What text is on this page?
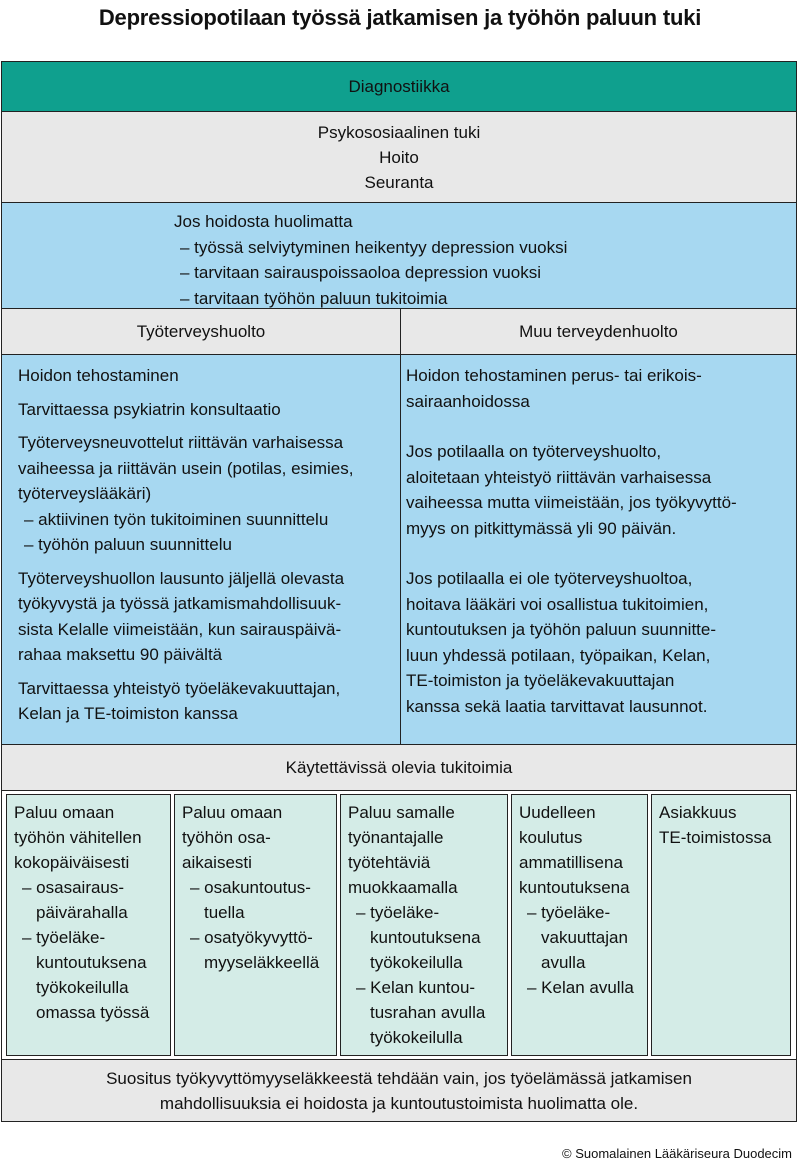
Depressiopotilaan työssä jatkamisen ja työhön paluun tuki
Diagnostiikka
Psykososiaalinen tuki
Hoito
Seuranta
Jos hoidosta huolimatta
– työssä selviytyminen heikentyy depression vuoksi
– tarvitaan sairauspoissaoloa depression vuoksi
– tarvitaan työhön paluun tukitoimia
Työterveyshuolto	Muu terveydenhuolto

Hoidon tehostaminen

Tarvittaessa psykiatrin konsultaatio

Työterveysneuvottelut riittävän varhaisessa

vaiheessa ja riittävän usein (potilas, esimies,

työterveyslääkäri)

– aktiivinen työn tukitoiminen suunnittelu

– työhön paluun suunnittelu

Työterveyshuollon lausunto jäljellä olevasta

työkyvystä ja työssä jatkamismahdollisuuk-

sista Kelalle viimeistään, kun sairauspäivä-

rahaa maksettu 90 päivältä

Tarvittaessa yhteistyö työeläkevakuuttajan,

Kelan ja TE-toimiston kanssa

Hoidon tehostaminen perus- tai erikois-

sairaanhoidossa

Jos potilaalla on työterveyshuolto,

aloitetaan yhteistyö riittävän varhaisessa

vaiheessa mutta viimeistään, jos työkyvyttö-

myys on pitkittymässä yli 90 päivän.

Jos potilaalla ei ole työterveyshuoltoa,

hoitava lääkäri voi osallistua tukitoimien,

kuntoutuksen ja työhön paluun suunnitte-

luun yhdessä potilaan, työpaikan, Kelan,

TE-toimiston ja työeläkevakuuttajan

kanssa sekä laatia tarvittavat lausunnot.

Käytettävissä olevia tukitoimia
Paluu omaan
työhön vähitellen
kokopäiväisesti
– osasairaus-
päivärahalla
– työeläke-
kuntoutuksena
työkokeilulla
omassa työssä
Paluu omaan
työhön osa-
aikaisesti
– osakuntoutus-
tuella
– osatyökyvyttö-
myyseläkkeellä
Paluu samalle
työnantajalle
työtehtäviä
muokkaamalla
– työeläke-
kuntoutuksena
työkokeilulla
– Kelan kuntou-
tusrahan avulla
työkokeilulla
Uudelleen
koulutus
ammatillisena
kuntoutuksena
– työeläke-
vakuuttajan
avulla
– Kelan avulla
Asiakkuus
TE-toimistossa
Suositus työkyvyttömyyseläkkeestä tehdään vain, jos työelämässä jatkamisen
mahdollisuuksia ei hoidosta ja kuntoutustoimista huolimatta ole.
© Suomalainen Lääkäriseura Duodecim
